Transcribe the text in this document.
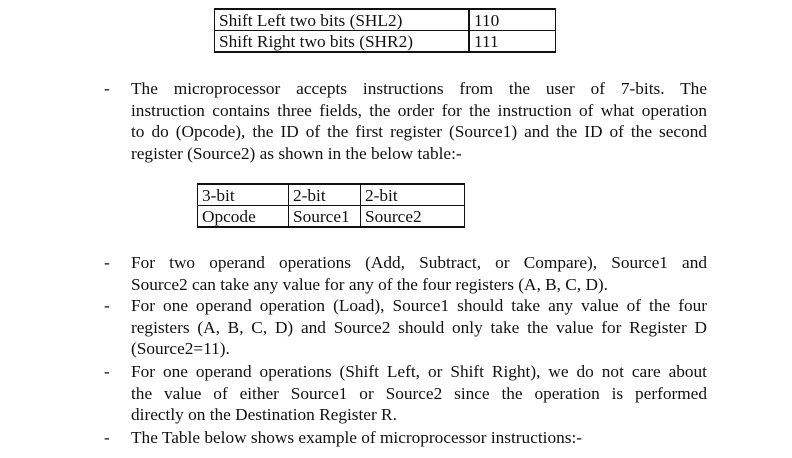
Shift Left two bits (SHL2)	110
Shift Right two bits (SHR2)	111
-	The microprocessor accepts instructions from the user of 7-bits. The
instruction contains three fields, the order for the instruction of what operation
to do (Opcode), the ID of the first register (Source1) and the ID of the second
register (Source2) as shown in the below table:-
3-bit	2-bit	2-bit
Opcode	Source1	Source2
-	For two operand operations (Add, Subtract, or Compare), Source1 and
Source2 can take any value for any of the four registers (A, B, C, D).
-	For one operand operation (Load), Source1 should take any value of the four
registers (A, B, C, D) and Source2 should only take the value for Register D
(Source2=11).
-	For one operand operations (Shift Left, or Shift Right), we do not care about
the value of either Source1 or Source2 since the operation is performed
directly on the Destination Register R.
-	The Table below shows example of microprocessor instructions:-
